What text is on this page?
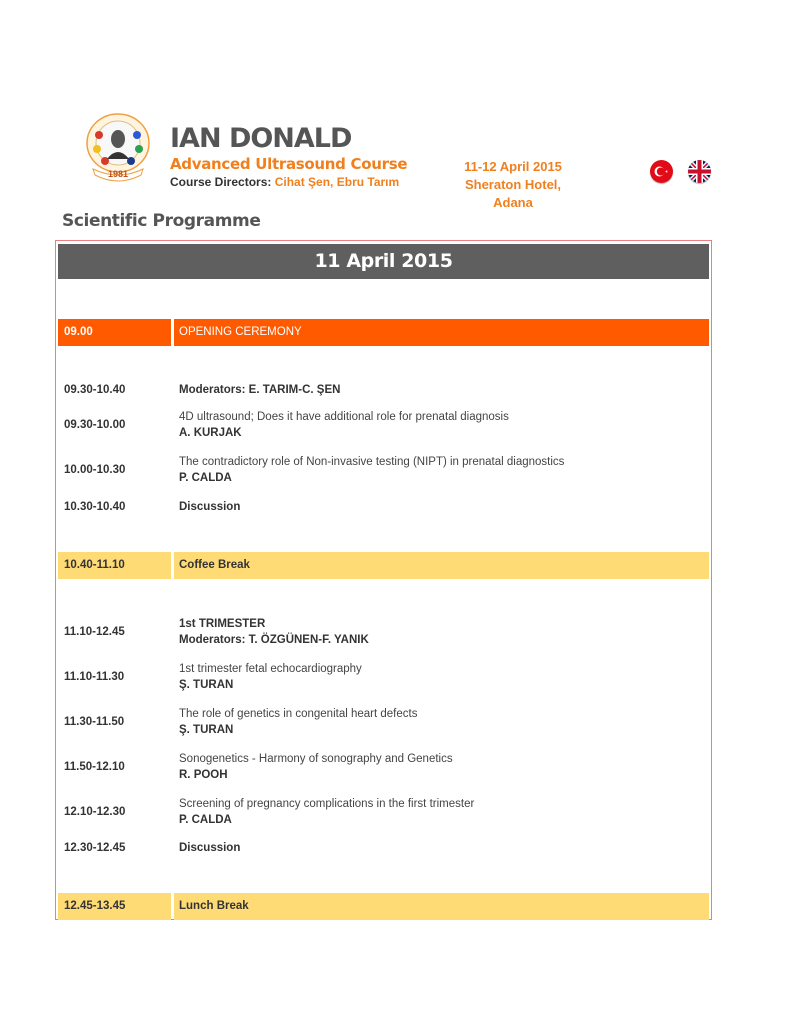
1981
IAN DONALD
Advanced Ultrasound Course
Course Directors: Cihat Şen, Ebru Tarım
11-12 April 2015
Sheraton Hotel, Adana
Scientific Programme
11 April 2015
09.00	OPENING CEREMONY
09.30-10.40	Moderators: E. TARIM-C. ŞEN
09.30-10.00
4D ultrasound; Does it have additional role for prenatal diagnosis
A. KURJAK
10.00-10.30
The contradictory role of Non-invasive testing (NIPT) in prenatal diagnostics
P. CALDA
10.30-10.40	Discussion
10.40-11.10	Coffee Break
11.10-12.45
1st TRIMESTER
Moderators: T. ÖZGÜNEN-F. YANIK
11.10-11.30
1st trimester fetal echocardiography
Ş. TURAN
11.30-11.50
The role of genetics in congenital heart defects
Ş. TURAN
11.50-12.10
Sonogenetics - Harmony of sonography and Genetics
R. POOH
12.10-12.30
Screening of pregnancy complications in the first trimester
P. CALDA
12.30-12.45	Discussion
12.45-13.45	Lunch Break
